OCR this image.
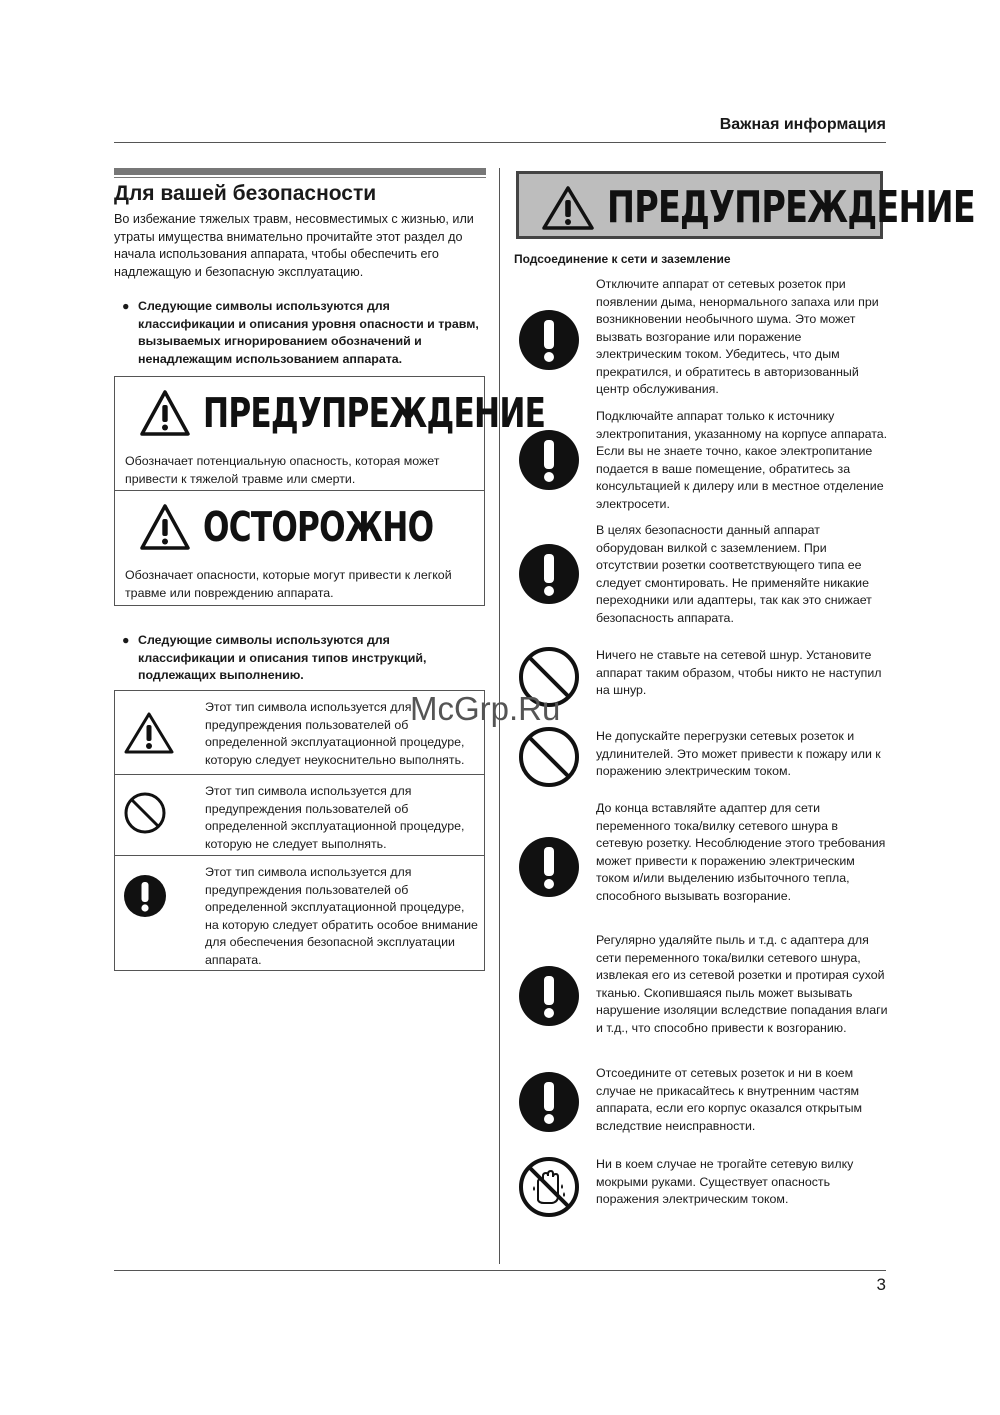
Важная информация
Для вашей безопасности
Во избежание тяжелых травм, несовместимых с жизнью, или утраты имущества внимательно прочитайте этот раздел до начала использования аппарата, чтобы обеспечить его надлежащую и безопасную эксплуатацию.
● Следующие символы используются для классификации и описания уровня опасности и травм, вызываемых игнорированием обозначений и ненадлежащим использованием аппарата.
ПРЕДУПРЕЖДЕНИЕ
Обозначает потенциальную опасность, которая может привести к тяжелой травме или смерти.
ОСТОРОЖНО
Обозначает опасности, которые могут привести к легкой травме или повреждению аппарата.
● Следующие символы используются для классификации и описания типов инструкций, подлежащих выполнению.
Этот тип символа используется для предупреждения пользователей об определенной эксплуатационной процедуре, которую следует неукоснительно выполнять.
Этот тип символа используется для предупреждения пользователей об определенной эксплуатационной процедуре, которую не следует выполнять.
Этот тип символа используется для предупреждения пользователей об определенной эксплуатационной процедуре, на которую следует обратить особое внимание для обеспечения безопасной эксплуатации аппарата.
ПРЕДУПРЕЖДЕНИЕ
Подсоединение к сети и заземление
Отключите аппарат от сетевых розеток при появлении дыма, ненормального запаха или при возникновении необычного шума. Это может вызвать возгорание или поражение электрическим током. Убедитесь, что дым прекратился, и обратитесь в авторизованный центр обслуживания.
Подключайте аппарат только к источнику электропитания, указанному на корпусе аппарата. Если вы не знаете точно, какое электропитание подается в ваше помещение, обратитесь за консультацией к дилеру или в местное отделение электросети.
В целях безопасности данный аппарат оборудован вилкой с заземлением. При отсутствии розетки соответствующего типа ее следует смонтировать. Не применяйте никакие переходники или адаптеры, так как это снижает безопасность аппарата.
Ничего не ставьте на сетевой шнур. Установите аппарат таким образом, чтобы никто не наступил на шнур.
Не допускайте перегрузки сетевых розеток и удлинителей. Это может привести к пожару или к поражению электрическим током.
До конца вставляйте адаптер для сети переменного тока/вилку сетевого шнура в сетевую розетку. Несоблюдение этого требования может привести к поражению электрическим током и/или выделению избыточного тепла, способного вызывать возгорание.
Регулярно удаляйте пыль и т.д. с адаптера для сети переменного тока/вилки сетевого шнура, извлекая его из сетевой розетки и протирая сухой тканью. Скопившаяся пыль может вызывать нарушение изоляции вследствие попадания влаги и т.д., что способно привести к возгоранию.
Отсоедините от сетевых розеток и ни в коем случае не прикасайтесь к внутренним частям аппарата, если его корпус оказался открытым вследствие неисправности.
Ни в коем случае не трогайте сетевую вилку мокрыми руками. Существует опасность поражения электрическим током.
McGrp.Ru
3
